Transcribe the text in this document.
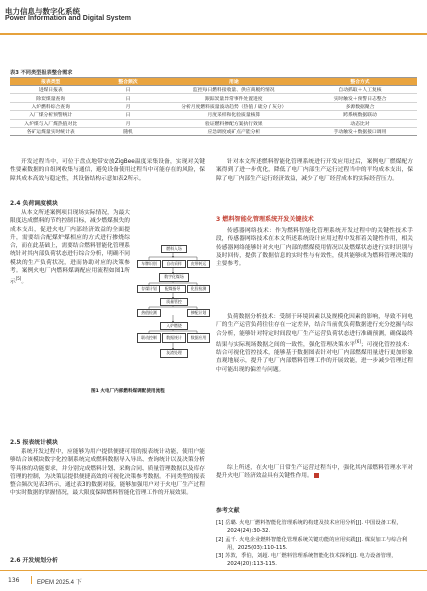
电力信息与数字化系统
Power Information and Digital System
表3 不同类型报表整合需求
报表类型	整合频次	用途	整合方式
进煤日报表	日	监控每日燃料接收量、供应商履约情况	自动抓取＋人工复核
除炭煤量查询	日	跟踪炭量异常事件处置进度	实时触发＋预警日志整合
入炉燃料综合查询	月	分析月度燃料质量波动趋势（热值 / 硫分 / 灰分）	多源数据聚合
入厂煤分析预警统计	日	月度采样和化验质量核算	跨系统数据联动
入炉煤与入厂煤热值对比	月	验证燃料掺配方案执行效果	动态比对
各矿运煤量实时统计表	随机	应急调度或矿点产能分析	手动触发＋数据接口调用

开发过程当中，可位于盘点地带安放ZigBee温度采集设备，实现对关键性要素数据的自组网收集与通信，避免设备使用过程当中可能存在的风险，保障其成本高效与稳定性，其设备结构示意如表2所示。

2.4 负荷调度模块

从本文所述案例项目现场实际情况，为最大限度达成燃料的节约控制目标，减少燃煤损失的成本支出，促进火电厂内部经济效益的全面提升，需要结合配煤炉煤相应的方式进行掺烧综合，而在此基础上，需要结合燃料智能化管理系统针对其内部负荷状态进行综合分析，明确不同模块的生产负荷状况，进而协助对应的决策参考。案例火电厂内燃料煤调配应用流程如图1所示[5]。

燃料入场
车牌识别	自动采样	皮带转运
数字化煤场
存煤计划	化验检测
配煤指导
质量管控
热值检测	掺配计划
入炉燃烧
数据统计
联动控制	数据应用
灰渣处理
图1 火电厂内部燃料煤调配使用流程
2.5 报表统计模块

系统开发过程中，应能够为用户提供便捷可用的报表统计功能，使用户能够结合该模块数字化控制系统完成燃料数据导入导出、查询统计以及决策分析等具体的功能要求，并分别完成燃料计划、采购合同、质量管理数据以及库存管理的控制，为决策层提供便捷高效的可视化决策参考数据。不同类型的报表整合频次见表3所示，通过表3的数据对接，能够加强用户对于火电厂生产过程中实时数据的掌握情况，最大限度保障燃料智能化管理工作的开展效果。

2.6 开发规划分析

针对本文所述燃料智能化管理系统进行开发应用过后，案例电厂燃煤配方案得到了进一步优化，降低了电厂内部生产运行过程当中的平均成本支出，保障了电厂内部生产运行经济效益，减少了电厂经营成本的实际经营压力。

3 燃料智能化管理系统开发关键技术

传感器网络技术：作为燃料智能化管理系统开发过程中的关键性技术手段，传感器网络技术在本文所述系统设计应用过程中发挥着关键性作用，相关传感器网络能够针对火电厂内部的燃煤使用情况以及燃煤状态进行实时识别与及时回传，提供了数据信息的实时性与有效性，使其能够成为燃料管理决策的主要参考。

负荷数据分析技术：受制于环境因素以及规模化因素的影响，导致不同电厂的生产运营负荷往往存在一定差异，结合当前优负荷数据进行充分挖掘与综合分析，能够针对特定时间段电厂生产运营负荷状态进行准确预测，确保最终结果与实际现场数据之间的一致性，强化管理决策水平[6]；可视化管控技术：结合可视化管控技术，能够基于数据图表针对电厂内部燃煤用量进行更加形象直观地展示，提升了电厂内部燃料管理工作的开展效能，进一步减少管理过程中可能出现的偏差与问题。

综上所述，在火电厂日常生产运营过程当中，强化其内部燃料管理水平对提升火电厂经济效益具有关键性作用。

参考文献
[1] 岳璐. 火电厂燃料智能化管理系统的构建及技术应用分析[J]. 中国设备工程，2024(24):30-32.
[2] 孟千. 火电企业燃料智能化管理系统关键功能的应用实践[J]. 煤炭加工与综合利用，2025(03):110-115.
[3] 苏敦，季伯，刘超. 电厂燃料管理系统智能化技术探析[J]. 电力设备管理，2024(20):113-115.
136	EPEM 2025.4 下
